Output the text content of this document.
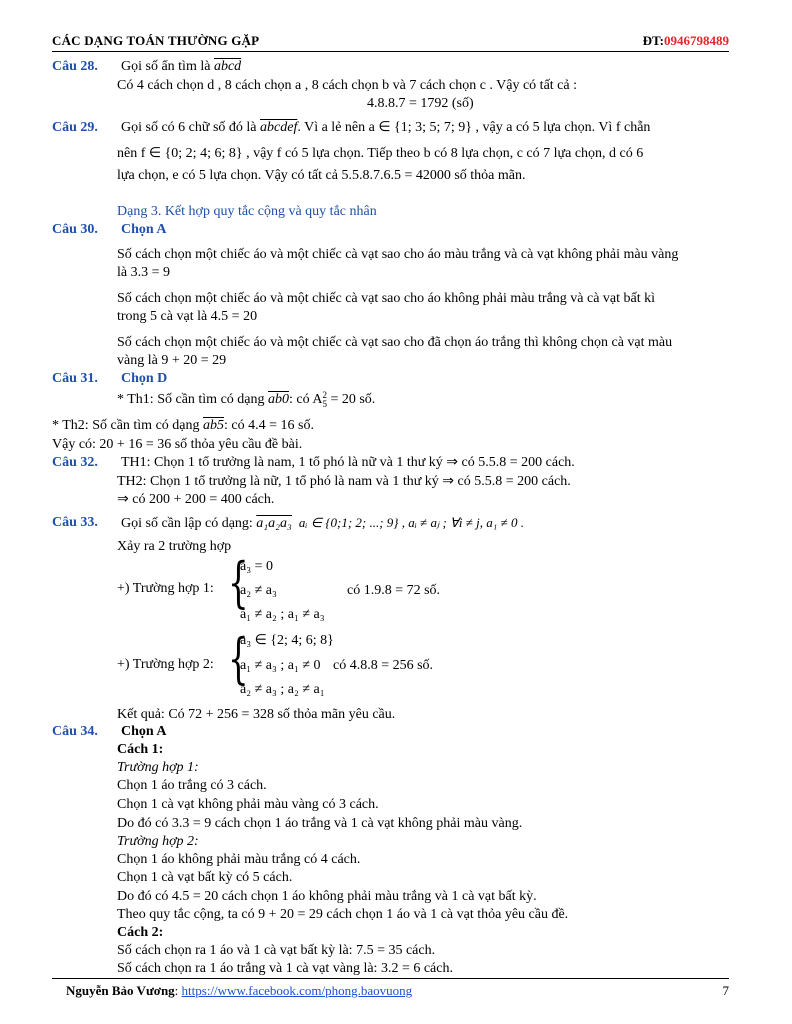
CÁC DẠNG TOÁN THƯỜNG GẶP	ĐT:0946798489
Câu 28. Gọi số ẩn tìm là abcd
Có 4 cách chọn d , 8 cách chọn a , 8 cách chọn b và 7 cách chọn c . Vậy có tất cả :
4.8.8.7 = 1792 (số)
Câu 29. Gọi số có 6 chữ số đó là abcdef. Vì a lẻ nên a ∈ {1; 3; 5; 7; 9} , vậy a có 5 lựa chọn. Vì f chẵn
nên f ∈ {0; 2; 4; 6; 8} , vậy f có 5 lựa chọn. Tiếp theo b có 8 lựa chọn, c có 7 lựa chọn, d có 6
lựa chọn, e có 5 lựa chọn. Vậy có tất cả 5.5.8.7.6.5 = 42000 số thỏa mãn.
Dạng 3. Kết hợp quy tắc cộng và quy tắc nhân
Câu 30. Chọn A
Số cách chọn một chiếc áo và một chiếc cà vạt sao cho áo màu trắng và cà vạt không phải màu vàng
là 3.3 = 9
Số cách chọn một chiếc áo và một chiếc cà vạt sao cho áo không phải màu trắng và cà vạt bất kì
trong 5 cà vạt là 4.5 = 20
Số cách chọn một chiếc áo và một chiếc cà vạt sao cho đã chọn áo trắng thì không chọn cà vạt màu
vàng là 9 + 20 = 29
Câu 31. Chọn D
* Th1: Số cần tìm có dạng ab0: có A 2
5 = 20 số.
* Th2: Số cần tìm có dạng ab5: có 4.4 = 16 số.
Vậy có: 20 + 16 = 36 số thỏa yêu cầu đề bài.
Câu 32. TH1: Chọn 1 tổ trưởng là nam, 1 tổ phó là nữ và 1 thư ký ⇒ có 5.5.8 = 200 cách.
TH2: Chọn 1 tổ trưởng là nữ, 1 tổ phó là nam và 1 thư ký ⇒ có 5.5.8 = 200 cách.
⇒ có 200 + 200 = 400 cách.
Câu 33. Gọi số cần lập có dạng: a₁a₂a₃ aᵢ ∈ {0;1; 2; ...; 9} , aᵢ ≠ aⱼ ; ∀i ≠ j, a₁ ≠ 0 .
Xảy ra 2 trường hợp
+) Trường hợp 1: {
a₃ = 0
a₂ ≠ a₃
a₁ ≠ a₂ ; a₁ ≠ a₃
có 1.9.8 = 72 số.
+) Trường hợp 2: {
a₃ ∈ {2; 4; 6; 8}
a₁ ≠ a₃ ; a₁ ≠ 0
a₂ ≠ a₃ ; a₂ ≠ a₁
có 4.8.8 = 256 số.
Kết quả: Có 72 + 256 = 328 số thỏa mãn yêu cầu.
Câu 34. Chọn A
Cách 1:
Trường hợp 1:
Chọn 1 áo trắng có 3 cách.
Chọn 1 cà vạt không phải màu vàng có 3 cách.
Do đó có 3.3 = 9 cách chọn 1 áo trắng và 1 cà vạt không phải màu vàng.
Trường hợp 2:
Chọn 1 áo không phải màu trắng có 4 cách.
Chọn 1 cà vạt bất kỳ có 5 cách.
Do đó có 4.5 = 20 cách chọn 1 áo không phải màu trắng và 1 cà vạt bất kỳ.
Theo quy tắc cộng, ta có 9 + 20 = 29 cách chọn 1 áo và 1 cà vạt thỏa yêu cầu đề.
Cách 2:
Số cách chọn ra 1 áo và 1 cà vạt bất kỳ là: 7.5 = 35 cách.
Số cách chọn ra 1 áo trắng và 1 cà vạt vàng là: 3.2 = 6 cách.
Nguyễn Bảo Vương: https://www.facebook.com/phong.baovuong	7
